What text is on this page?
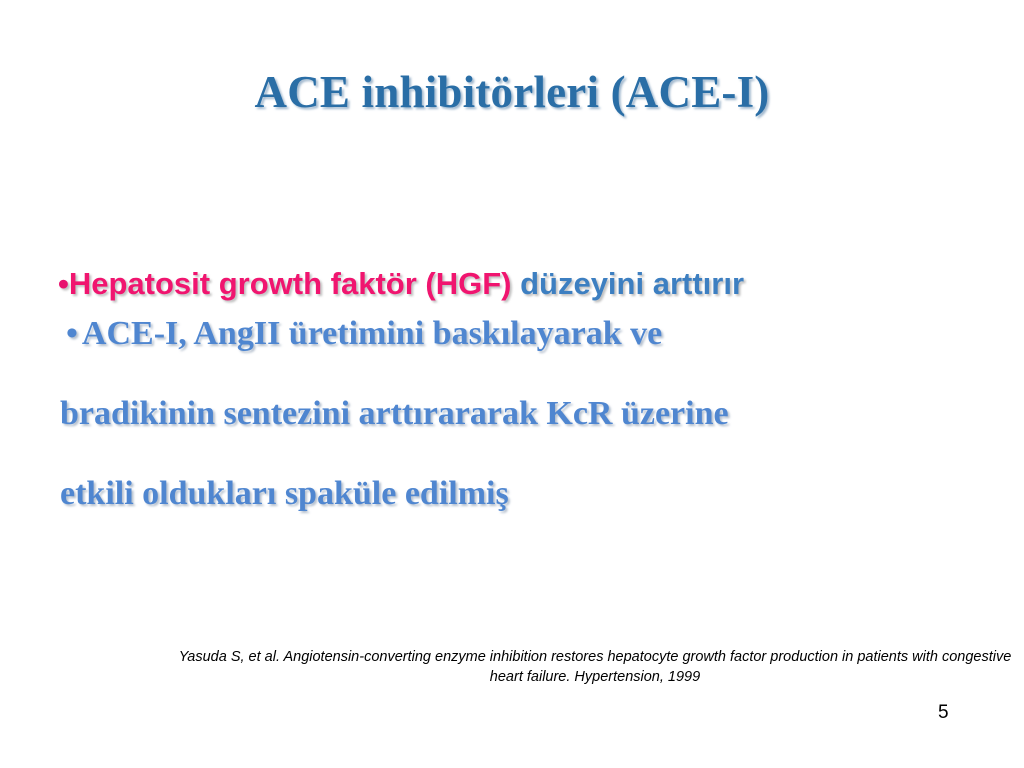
ACE inhibitörleri (ACE-I)
•Hepatosit growth faktör (HGF) düzeyini arttırır
• ACE-I, AngII üretimini baskılayarak ve
bradikinin sentezini arttırararak KcR üzerine
etkili oldukları spaküle edilmiş
Yasuda S, et al. Angiotensin-converting enzyme inhibition restores hepatocyte growth factor production in patients with congestive heart failure. Hypertension, 1999
5
